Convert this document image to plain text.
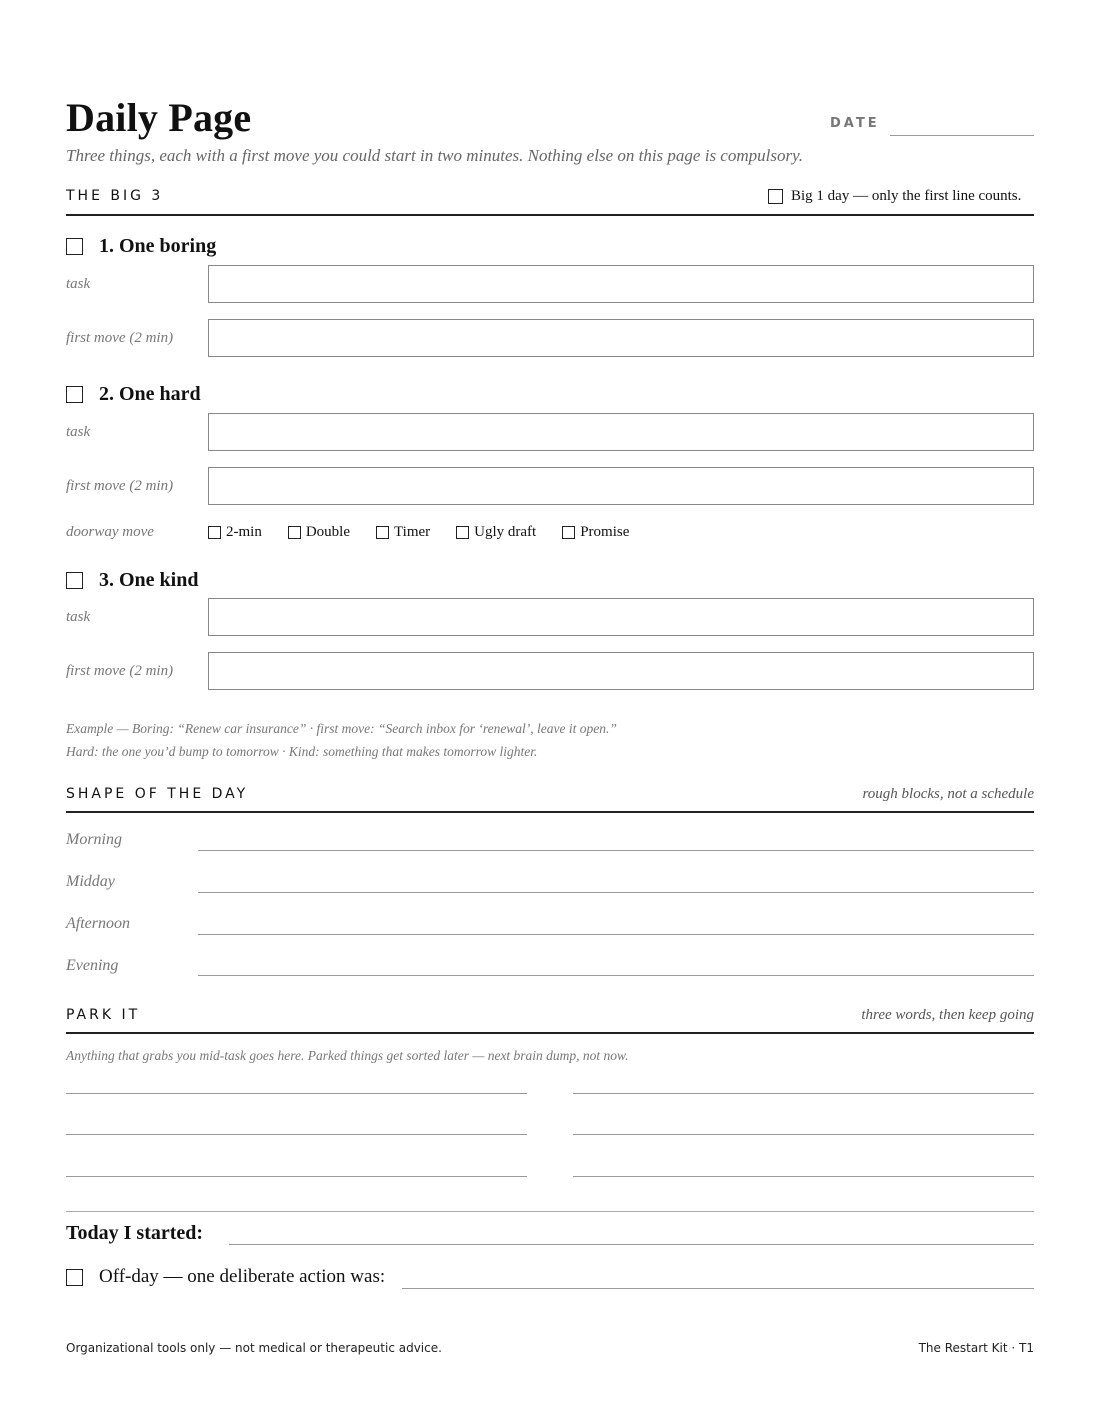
Daily Page	DATE
Three things, each with a first move you could start in two minutes. Nothing else on this page is compulsory.
THE BIG 3	Big 1 day — only the first line counts.
1. One boring
task
first move (2 min)
2. One hard
task
first move (2 min)
doorway move	2-min	Double	Timer	Ugly draft	Promise
3. One kind
task
first move (2 min)
Example — Boring: “Renew car insurance” · first move: “Search inbox for ‘renewal’, leave it open.”
Hard: the one you’d bump to tomorrow · Kind: something that makes tomorrow lighter.
SHAPE OF THE DAY	rough blocks, not a schedule
Morning
Midday
Afternoon
Evening
PARK IT	three words, then keep going
Anything that grabs you mid-task goes here. Parked things get sorted later — next brain dump, not now.
Today I started:
Off-day — one deliberate action was:
Organizational tools only — not medical or therapeutic advice.	The Restart Kit · T1
